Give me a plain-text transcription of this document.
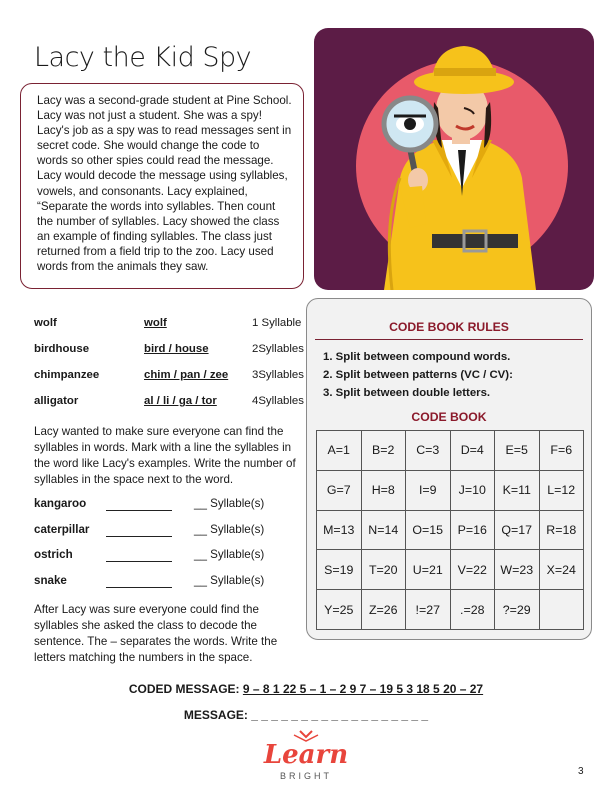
Lacy the Kid Spy
Lacy was a second-grade student at Pine School. Lacy was not just a student. She was a spy! Lacy's job as a spy was to read messages sent in secret code. She would change the code to words so other spies could read the message. Lacy would decode the message using syllables, vowels, and consonants. Lacy explained, “Separate the words into syllables. Then count the number of syllables. Lacy showed the class an example of finding syllables. The class just returned from a field trip to the zoo. Lacy used words from the animals they saw.
wolf	wolf	1 Syllable
birdhouse	bird / house	2Syllables
chimpanzee	chim / pan / zee 3Syllables
alligator	al / li / ga / tor	4Syllables
Lacy wanted to make sure everyone can find the syllables in words. Mark with a line the syllables in the word like Lacy's examples. Write the number of syllables in the space next to the word.
kangaroo	__ Syllable(s)
caterpillar	__ Syllable(s)
ostrich	__ Syllable(s)
snake	__ Syllable(s)
After Lacy was sure everyone could find the syllables she asked the class to decode the sentence. The – separates the words. Write the letters matching the numbers in the space.
CODE BOOK RULES
1. Split between compound words.
2. Split between patterns (VC / CV):
3. Split between double letters.
CODE BOOK
A=1	B=2	C=3	D=4	E=5	F=6
G=7	H=8	I=9	J=10	K=11	L=12
M=13	N=14	O=15	P=16	Q=17	R=18
S=19	T=20	U=21	V=22	W=23	X=24
Y=25	Z=26	!=27	.=28	?=29
CODED MESSAGE: 9 – 8 1 22 5 – 1 – 2 9 7 – 19 5 3 18 5 20 – 27
MESSAGE: _ _ _ _ _ _ _ _ _ _ _ _ _ _ _ _ _ _
Learn
BRIGHT	3
